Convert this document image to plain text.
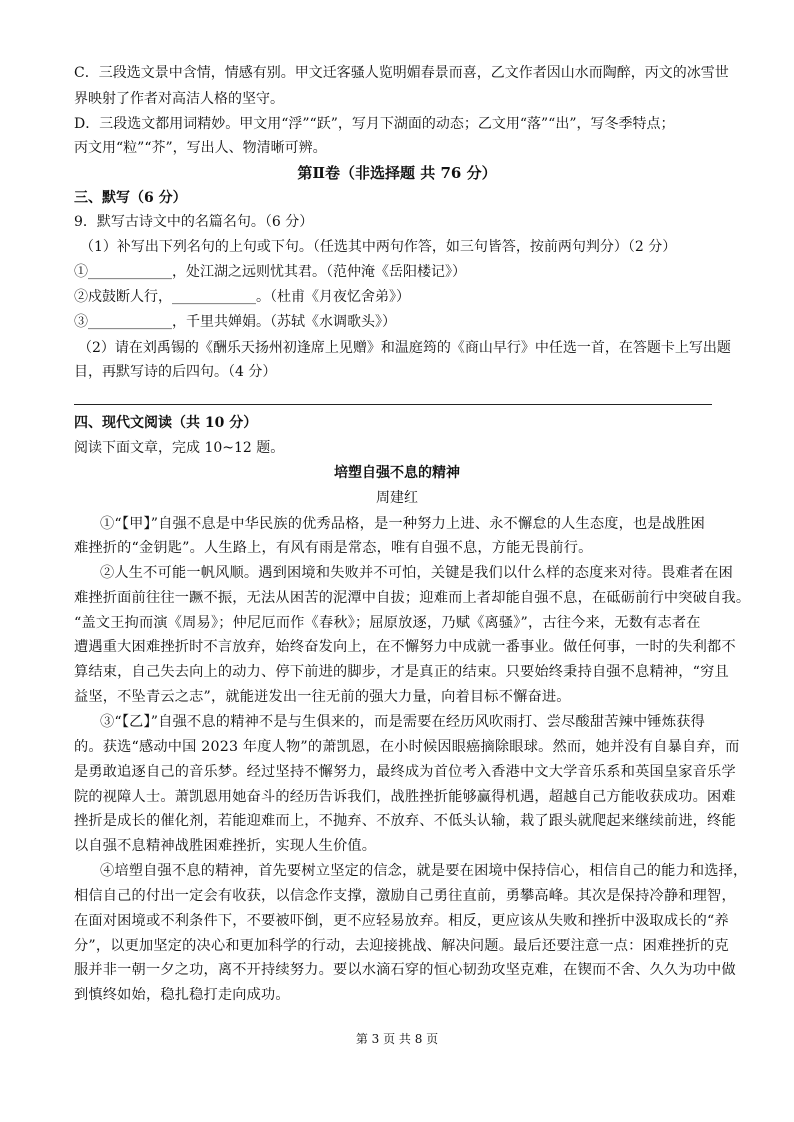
C．三段选文景中含情，情感有别。甲文迁客骚人览明媚春景而喜，乙文作者因山水而陶醉，丙文的冰雪世
界映射了作者对高洁人格的坚守。
D．三段选文都用词精妙。甲文用“浮”“跃”，写月下湖面的动态；乙文用“落”“出”，写冬季特点；
丙文用“粒”“芥”，写出人、物清晰可辨。
第Ⅱ卷（非选择题 共 76 分）
三、默写（6 分）
9．默写古诗文中的名篇名句。（6 分）
（1）补写出下列名句的上句或下句。（任选其中两句作答，如三句皆答，按前两句判分）（2 分）
①____________，处江湖之远则忧其君。（范仲淹《岳阳楼记》）
②戍鼓断人行，____________。（杜甫《月夜忆舍弟》）
③____________，千里共婵娟。（苏轼《水调歌头》）
（2）请在刘禹锡的《酬乐天扬州初逢席上见赠》和温庭筠的《商山早行》中任选一首，在答题卡上写出题
目，再默写诗的后四句。（4 分）
四、现代文阅读（共 10 分）
阅读下面文章，完成 10~12 题。
培塑自强不息的精神
周建红
①“【甲】”自强不息是中华民族的优秀品格，是一种努力上进、永不懈怠的人生态度，也是战胜困
难挫折的“金钥匙”。人生路上，有风有雨是常态，唯有自强不息，方能无畏前行。
②人生不可能一帆风顺。遇到困境和失败并不可怕，关键是我们以什么样的态度来对待。畏难者在困
难挫折面前往往一蹶不振，无法从困苦的泥潭中自拔；迎难而上者却能自强不息，在砥砺前行中突破自我。
“盖文王拘而演《周易》；仲尼厄而作《春秋》；屈原放逐，乃赋《离骚》”，古往今来，无数有志者在
遭遇重大困难挫折时不言放弃，始终奋发向上，在不懈努力中成就一番事业。做任何事，一时的失利都不
算结束，自己失去向上的动力、停下前进的脚步，才是真正的结束。只要始终秉持自强不息精神，“穷且
益坚，不坠青云之志”，就能迸发出一往无前的强大力量，向着目标不懈奋进。
③“【乙】”自强不息的精神不是与生俱来的，而是需要在经历风吹雨打、尝尽酸甜苦辣中锤炼获得
的。获选“感动中国 2023 年度人物”的萧凯恩，在小时候因眼癌摘除眼球。然而，她并没有自暴自弃，而
是勇敢追逐自己的音乐梦。经过坚持不懈努力，最终成为首位考入香港中文大学音乐系和英国皇家音乐学
院的视障人士。萧凯恩用她奋斗的经历告诉我们，战胜挫折能够赢得机遇，超越自己方能收获成功。困难
挫折是成长的催化剂，若能迎难而上，不抛弃、不放弃、不低头认输，栽了跟头就爬起来继续前进，终能
以自强不息精神战胜困难挫折，实现人生价值。
④培塑自强不息的精神，首先要树立坚定的信念，就是要在困境中保持信心，相信自己的能力和选择，
相信自己的付出一定会有收获，以信念作支撑，激励自己勇往直前，勇攀高峰。其次是保持冷静和理智，
在面对困境或不利条件下，不要被吓倒，更不应轻易放弃。相反，更应该从失败和挫折中汲取成长的“养
分”，以更加坚定的决心和更加科学的行动，去迎接挑战、解决问题。最后还要注意一点：困难挫折的克
服并非一朝一夕之功，离不开持续努力。要以水滴石穿的恒心韧劲攻坚克难，在锲而不舍、久久为功中做
到慎终如始，稳扎稳打走向成功。
第 3 页 共 8 页
